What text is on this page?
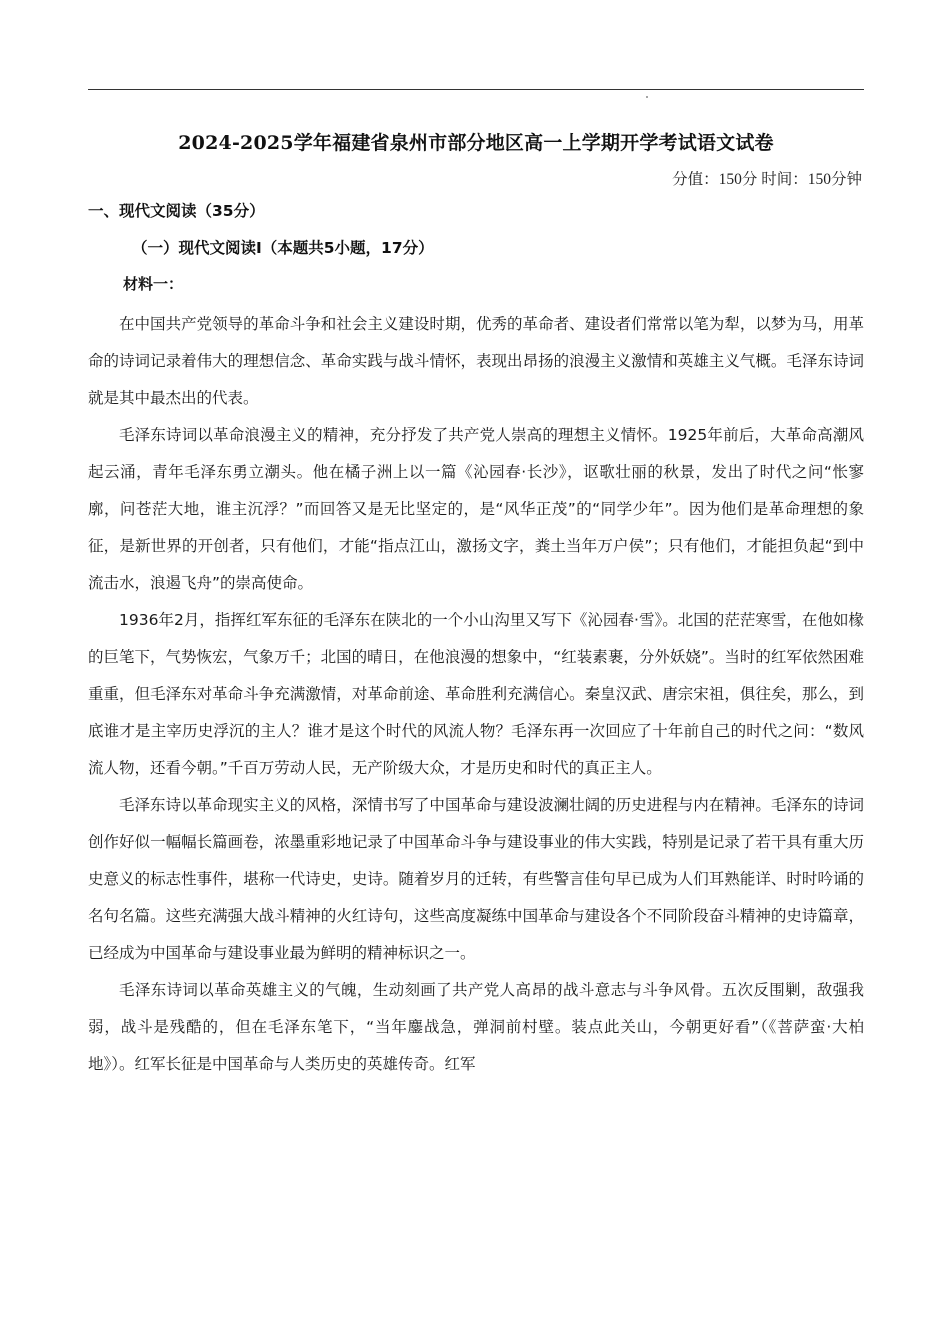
2024-2025学年福建省泉州市部分地区高一上学期开学考试语文试卷
分值：150分 时间：150分钟
一、现代文阅读（35分）
（一）现代文阅读Ⅰ（本题共5小题，17分）
材料一：

在中国共产党领导的革命斗争和社会主义建设时期，优秀的革命者、建设者们常常以笔为犁，以梦为马，用革命的诗词记录着伟大的理想信念、革命实践与战斗情怀，表现出昂扬的浪漫主义激情和英雄主义气概。毛泽东诗词就是其中最杰出的代表。

毛泽东诗词以革命浪漫主义的精神，充分抒发了共产党人崇高的理想主义情怀。1925年前后，大革命高潮风起云涌，青年毛泽东勇立潮头。他在橘子洲上以一篇《沁园春·长沙》，讴歌壮丽的秋景，发出了时代之问“怅寥廓，问苍茫大地，谁主沉浮？”而回答又是无比坚定的，是“风华正茂”的“同学少年”。因为他们是革命理想的象征，是新世界的开创者，只有他们，才能“指点江山，激扬文字，粪土当年万户侯”；只有他们，才能担负起“到中流击水，浪遏飞舟”的崇高使命。

1936年2月，指挥红军东征的毛泽东在陕北的一个小山沟里又写下《沁园春·雪》。北国的茫茫寒雪，在他如椽的巨笔下，气势恢宏，气象万千；北国的晴日，在他浪漫的想象中，“红装素裹，分外妖娆”。当时的红军依然困难重重，但毛泽东对革命斗争充满激情，对革命前途、革命胜利充满信心。秦皇汉武、唐宗宋祖，俱往矣，那么，到底谁才是主宰历史浮沉的主人？谁才是这个时代的风流人物？毛泽东再一次回应了十年前自己的时代之问：“数风流人物，还看今朝。”千百万劳动人民，无产阶级大众，才是历史和时代的真正主人。

毛泽东诗以革命现实主义的风格，深情书写了中国革命与建设波澜壮阔的历史进程与内在精神。毛泽东的诗词创作好似一幅幅长篇画卷，浓墨重彩地记录了中国革命斗争与建设事业的伟大实践，特别是记录了若干具有重大历史意义的标志性事件，堪称一代诗史，史诗。随着岁月的迁转，有些警言佳句早已成为人们耳熟能详、时时吟诵的名句名篇。这些充满强大战斗精神的火红诗句，这些高度凝练中国革命与建设各个不同阶段奋斗精神的史诗篇章，已经成为中国革命与建设事业最为鲜明的精神标识之一。

毛泽东诗词以革命英雄主义的气魄，生动刻画了共产党人高昂的战斗意志与斗争风骨。五次反围剿，敌强我弱，战斗是残酷的，但在毛泽东笔下，“当年鏖战急，弹洞前村壁。装点此关山，今朝更好看”（《菩萨蛮·大柏地》）。红军长征是中国革命与人类历史的英雄传奇。红军
